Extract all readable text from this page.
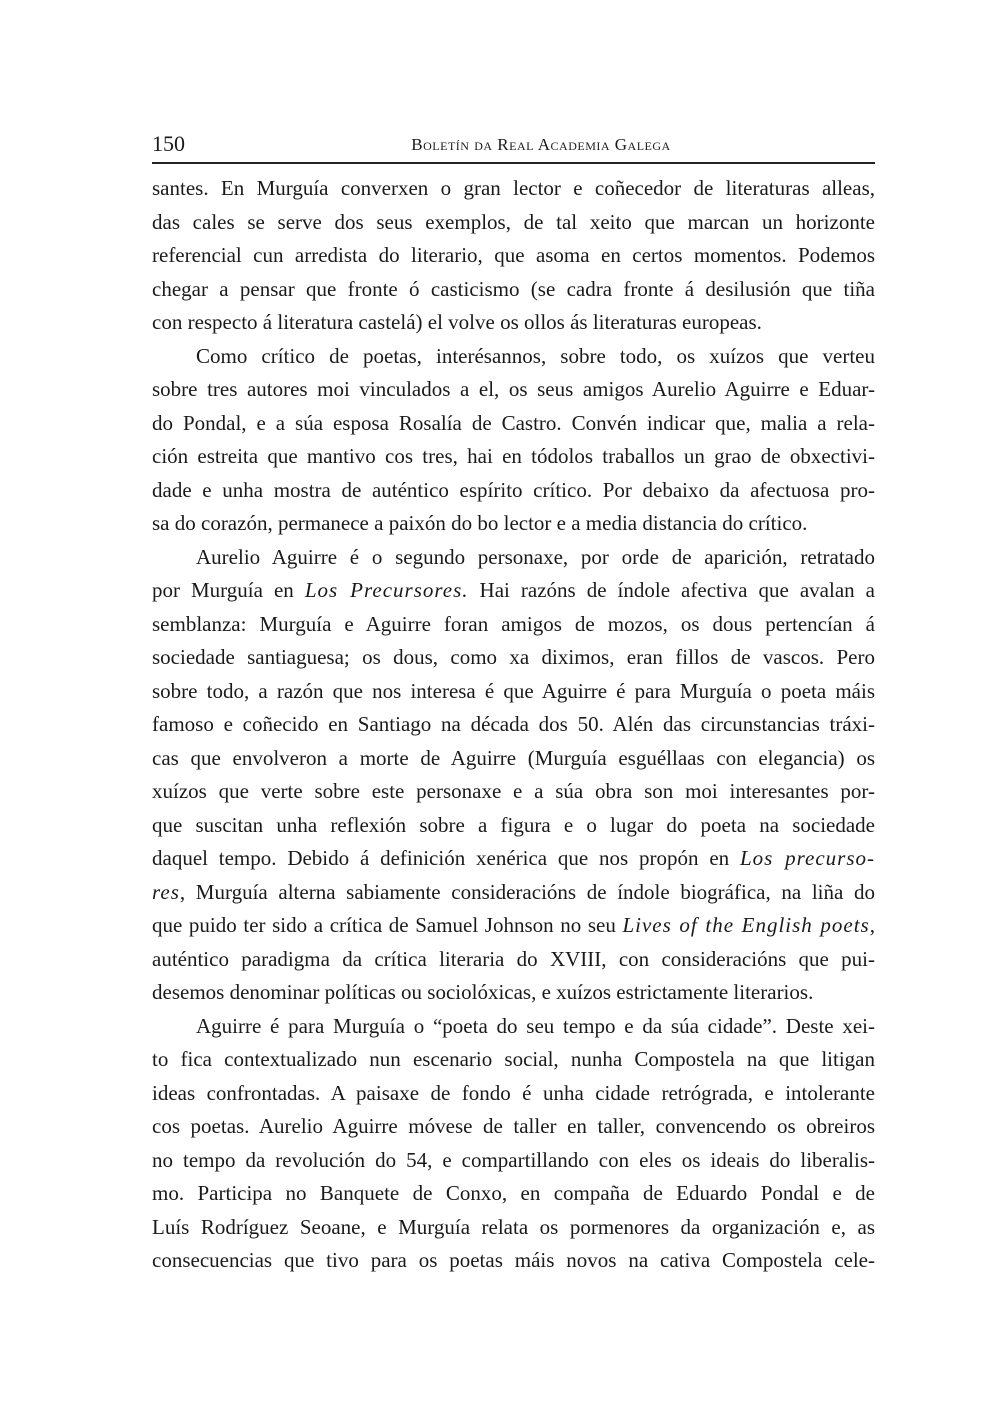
150	Boletín da Real Academia Galega
santes. En Murguía converxen o gran lector e coñecedor de literaturas alleas,
das cales se serve dos seus exemplos, de tal xeito que marcan un horizonte
referencial cun arredista do literario, que asoma en certos momentos. Podemos
chegar a pensar que fronte ó casticismo (se cadra fronte á desilusión que tiña
con respecto á literatura castelá) el volve os ollos ás literaturas europeas.
Como crítico de poetas, interésannos, sobre todo, os xuízos que verteu
sobre tres autores moi vinculados a el, os seus amigos Aurelio Aguirre e Eduar-
do Pondal, e a súa esposa Rosalía de Castro. Convén indicar que, malia a rela-
ción estreita que mantivo cos tres, hai en tódolos traballos un grao de obxectivi-
dade e unha mostra de auténtico espírito crítico. Por debaixo da afectuosa pro-
sa do corazón, permanece a paixón do bo lector e a media distancia do crítico.
Aurelio Aguirre é o segundo personaxe, por orde de aparición, retratado
por Murguía en Los Precursores. Hai razóns de índole afectiva que avalan a
semblanza: Murguía e Aguirre foran amigos de mozos, os dous pertencían á
sociedade santiaguesa; os dous, como xa diximos, eran fillos de vascos. Pero
sobre todo, a razón que nos interesa é que Aguirre é para Murguía o poeta máis
famoso e coñecido en Santiago na década dos 50. Alén das circunstancias tráxi-
cas que envolveron a morte de Aguirre (Murguía esguéllaas con elegancia) os
xuízos que verte sobre este personaxe e a súa obra son moi interesantes por-
que suscitan unha reflexión sobre a figura e o lugar do poeta na sociedade
daquel tempo. Debido á definición xenérica que nos propón en Los precurso-
res, Murguía alterna sabiamente consideracións de índole biográfica, na liña do
que puido ter sido a crítica de Samuel Johnson no seu Lives of the English poets,
auténtico paradigma da crítica literaria do XVIII, con consideracións que pui-
desemos denominar políticas ou sociolóxicas, e xuízos estrictamente literarios.
Aguirre é para Murguía o “poeta do seu tempo e da súa cidade”. Deste xei-
to fica contextualizado nun escenario social, nunha Compostela na que litigan
ideas confrontadas. A paisaxe de fondo é unha cidade retrógrada, e intolerante
cos poetas. Aurelio Aguirre móvese de taller en taller, convencendo os obreiros
no tempo da revolución do 54, e compartillando con eles os ideais do liberalis-
mo. Participa no Banquete de Conxo, en compaña de Eduardo Pondal e de
Luís Rodríguez Seoane, e Murguía relata os pormenores da organización e, as
consecuencias que tivo para os poetas máis novos na cativa Compostela cele-
